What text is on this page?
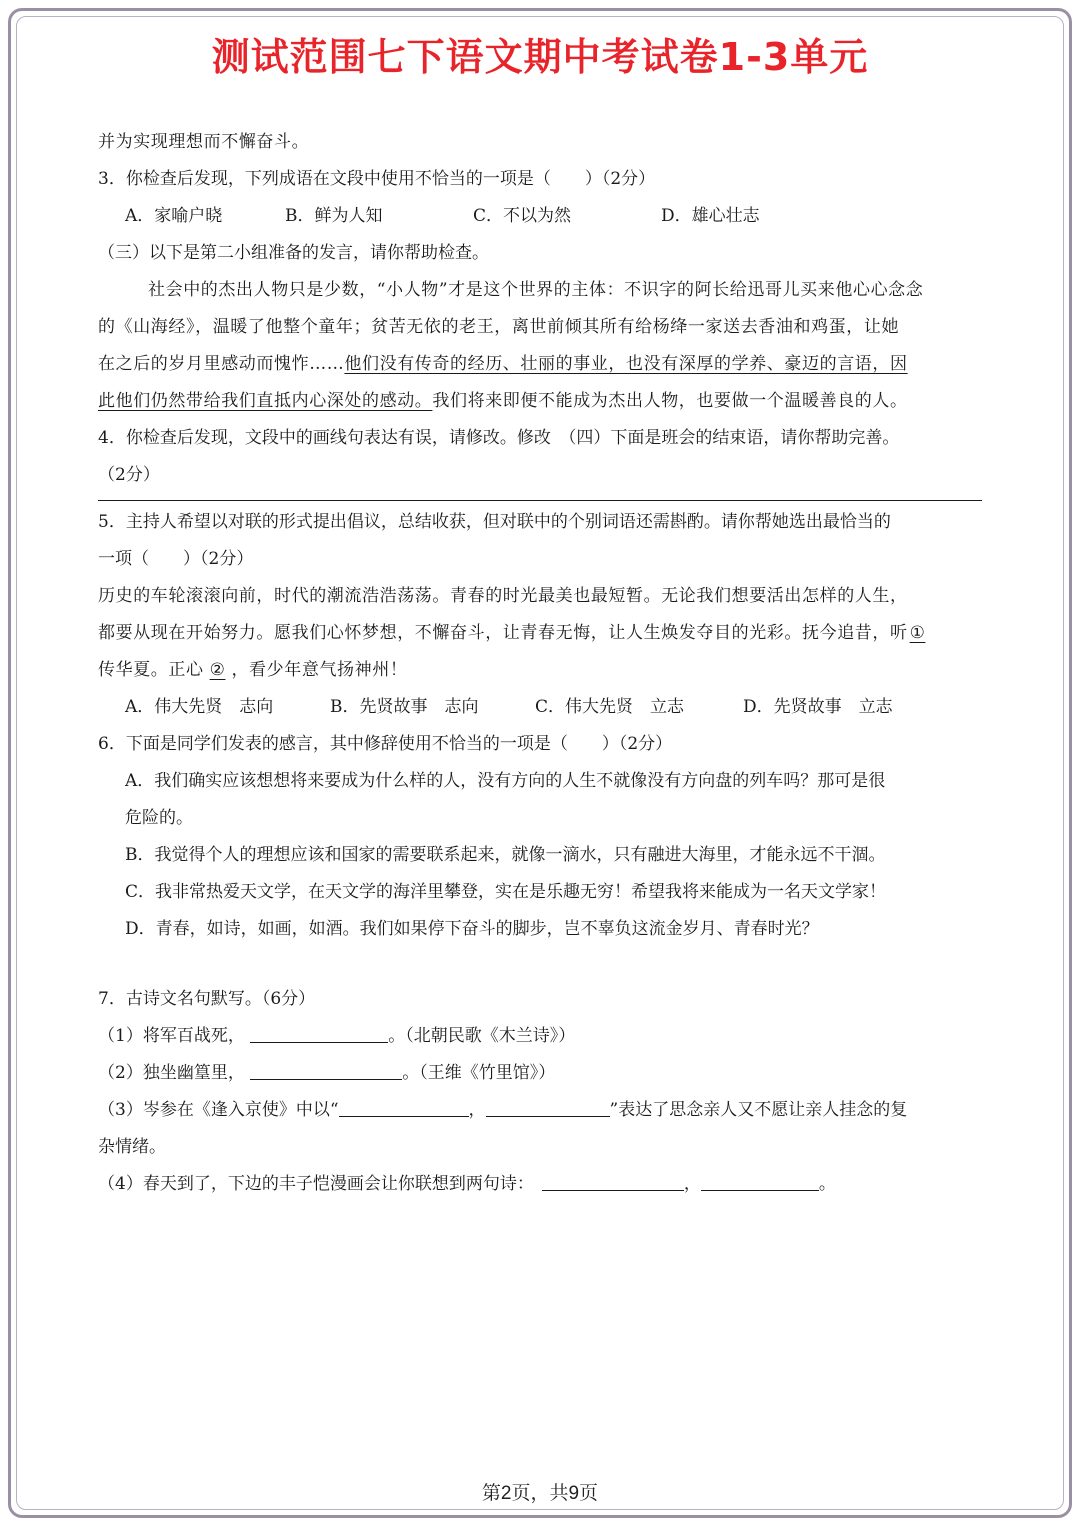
测试范围七下语文期中考试卷1-3单元
并为实现理想而不懈奋斗。
3．你检查后发现，下列成语在文段中使用不恰当的一项是（　　）（2分）
A．家喻户晓	B．鲜为人知	C．不以为然	D．雄心壮志
（三）以下是第二小组准备的发言，请你帮助检查。
社会中的杰出人物只是少数，“小人物”才是这个世界的主体：不识字的阿长给迅哥儿买来他心心念念
的《山海经》，温暖了他整个童年；贫苦无依的老王，离世前倾其所有给杨绛一家送去香油和鸡蛋，让她
在之后的岁月里感动而愧怍……他们没有传奇的经历、壮丽的事业，也没有深厚的学养、豪迈的言语，因
此他们仍然带给我们直抵内心深处的感动。我们将来即便不能成为杰出人物，也要做一个温暖善良的人。
4．你检查后发现，文段中的画线句表达有误，请修改。修改　（四）下面是班会的结束语，请你帮助完善。
（2分）
5．主持人希望以对联的形式提出倡议，总结收获，但对联中的个别词语还需斟酌。请你帮她选出最恰当的
一项（　　）（2分）
历史的车轮滚滚向前，时代的潮流浩浩荡荡。青春的时光最美也最短暂。无论我们想要活出怎样的人生，
都要从现在开始努力。愿我们心怀梦想，不懈奋斗，让青春无悔，让人生焕发夺目的光彩。抚今追昔，听 ①
传华夏。正心 ② ，看少年意气扬神州！
A．伟大先贤　志向	B．先贤故事　志向	C．伟大先贤　立志	D．先贤故事　立志
6．下面是同学们发表的感言，其中修辞使用不恰当的一项是（　　）（2分）
A．我们确实应该想想将来要成为什么样的人，没有方向的人生不就像没有方向盘的列车吗？那可是很
危险的。
B．我觉得个人的理想应该和国家的需要联系起来，就像一滴水，只有融进大海里，才能永远不干涸。
C．我非常热爱天文学，在天文学的海洋里攀登，实在是乐趣无穷！希望我将来能成为一名天文学家！
D．青春，如诗，如画，如酒。我们如果停下奋斗的脚步，岂不辜负这流金岁月、青春时光？
7．古诗文名句默写。（6分）
（1）将军百战死，	。（北朝民歌《木兰诗》）
（2）独坐幽篁里，	。（王维《竹里馆》）
（3）岑参在《逢入京使》中以“	，	”表达了思念亲人又不愿让亲人挂念的复
杂情绪。
（4）春天到了，下边的丰子恺漫画会让你联想到两句诗：	，	。
第2页，共9页
